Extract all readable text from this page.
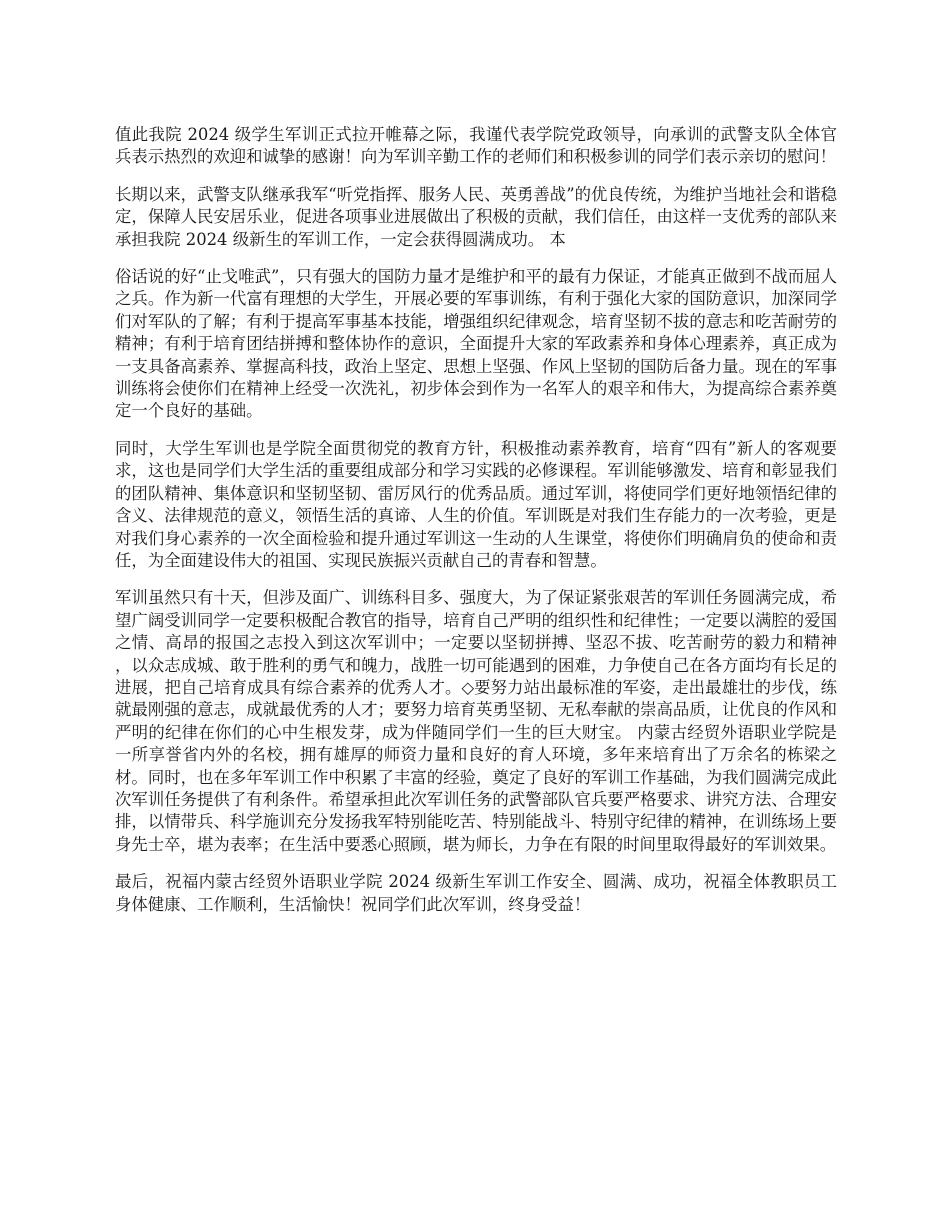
值此我院 2024 级学生军训正式拉开帷幕之际，我谨代表学院党政领导，向承训的武警支队全体官兵表示热烈的欢迎和诚挚的感谢！向为军训辛勤工作的老师们和积极参训的同学们表示亲切的慰问！

长期以来，武警支队继承我军“听党指挥、服务人民、英勇善战”的优良传统，为维护当地社会和谐稳定，保障人民安居乐业，促进各项事业进展做出了积极的贡献，我们信任，由这样一支优秀的部队来承担我院 2024 级新生的军训工作，一定会获得圆满成功。 本

俗话说的好“止戈唯武”，只有强大的国防力量才是维护和平的最有力保证，才能真正做到不战而屈人之兵。作为新一代富有理想的大学生，开展必要的军事训练，有利于强化大家的国防意识，加深同学们对军队的了解；有利于提高军事基本技能，增强组织纪律观念，培育坚韧不拔的意志和吃苦耐劳的精神；有利于培育团结拼搏和整体协作的意识，全面提升大家的军政素养和身体心理素养，真正成为一支具备高素养、掌握高科技，政治上坚定、思想上坚强、作风上坚韧的国防后备力量。现在的军事训练将会使你们在精神上经受一次洗礼，初步体会到作为一名军人的艰辛和伟大，为提高综合素养奠定一个良好的基础。

同时，大学生军训也是学院全面贯彻党的教育方针，积极推动素养教育，培育“四有”新人的客观要求，这也是同学们大学生活的重要组成部分和学习实践的必修课程。军训能够激发、培育和彰显我们的团队精神、集体意识和坚韧坚韧、雷厉风行的优秀品质。通过军训，将使同学们更好地领悟纪律的含义、法律规范的意义，领悟生活的真谛、人生的价值。军训既是对我们生存能力的一次考验，更是对我们身心素养的一次全面检验和提升通过军训这一生动的人生课堂，将使你们明确肩负的使命和责任，为全面建设伟大的祖国、实现民族振兴贡献自己的青春和智慧。

军训虽然只有十天，但涉及面广、训练科目多、强度大，为了保证紧张艰苦的军训任务圆满完成，希望广阔受训同学一定要积极配合教官的指导，培育自己严明的组织性和纪律性；一定要以满腔的爱国之情、高昂的报国之志投入到这次军训中；一定要以坚韧拼搏、坚忍不拔、吃苦耐劳的毅力和精神 ，以众志成城、敢于胜利的勇气和魄力，战胜一切可能遇到的困难，力争使自己在各方面均有长足的进展，把自己培育成具有综合素养的优秀人才。◇要努力站出最标准的军姿，走出最雄壮的步伐，练就最刚强的意志，成就最优秀的人才；要努力培育英勇坚韧、无私奉献的崇高品质，让优良的作风和严明的纪律在你们的心中生根发芽，成为伴随同学们一生的巨大财宝。 内蒙古经贸外语职业学院是一所享誉省内外的名校，拥有雄厚的师资力量和良好的育人环境，多年来培育出了万余名的栋梁之材。同时，也在多年军训工作中积累了丰富的经验，奠定了良好的军训工作基础，为我们圆满完成此次军训任务提供了有利条件。希望承担此次军训任务的武警部队官兵要严格要求、讲究方法、合理安排，以情带兵、科学施训充分发扬我军特别能吃苦、特别能战斗、特别守纪律的精神，在训练场上要身先士卒，堪为表率；在生活中要悉心照顾，堪为师长，力争在有限的时间里取得最好的军训效果。

最后，祝福内蒙古经贸外语职业学院 2024 级新生军训工作安全、圆满、成功，祝福全体教职员工身体健康、工作顺利，生活愉快！祝同学们此次军训，终身受益！
